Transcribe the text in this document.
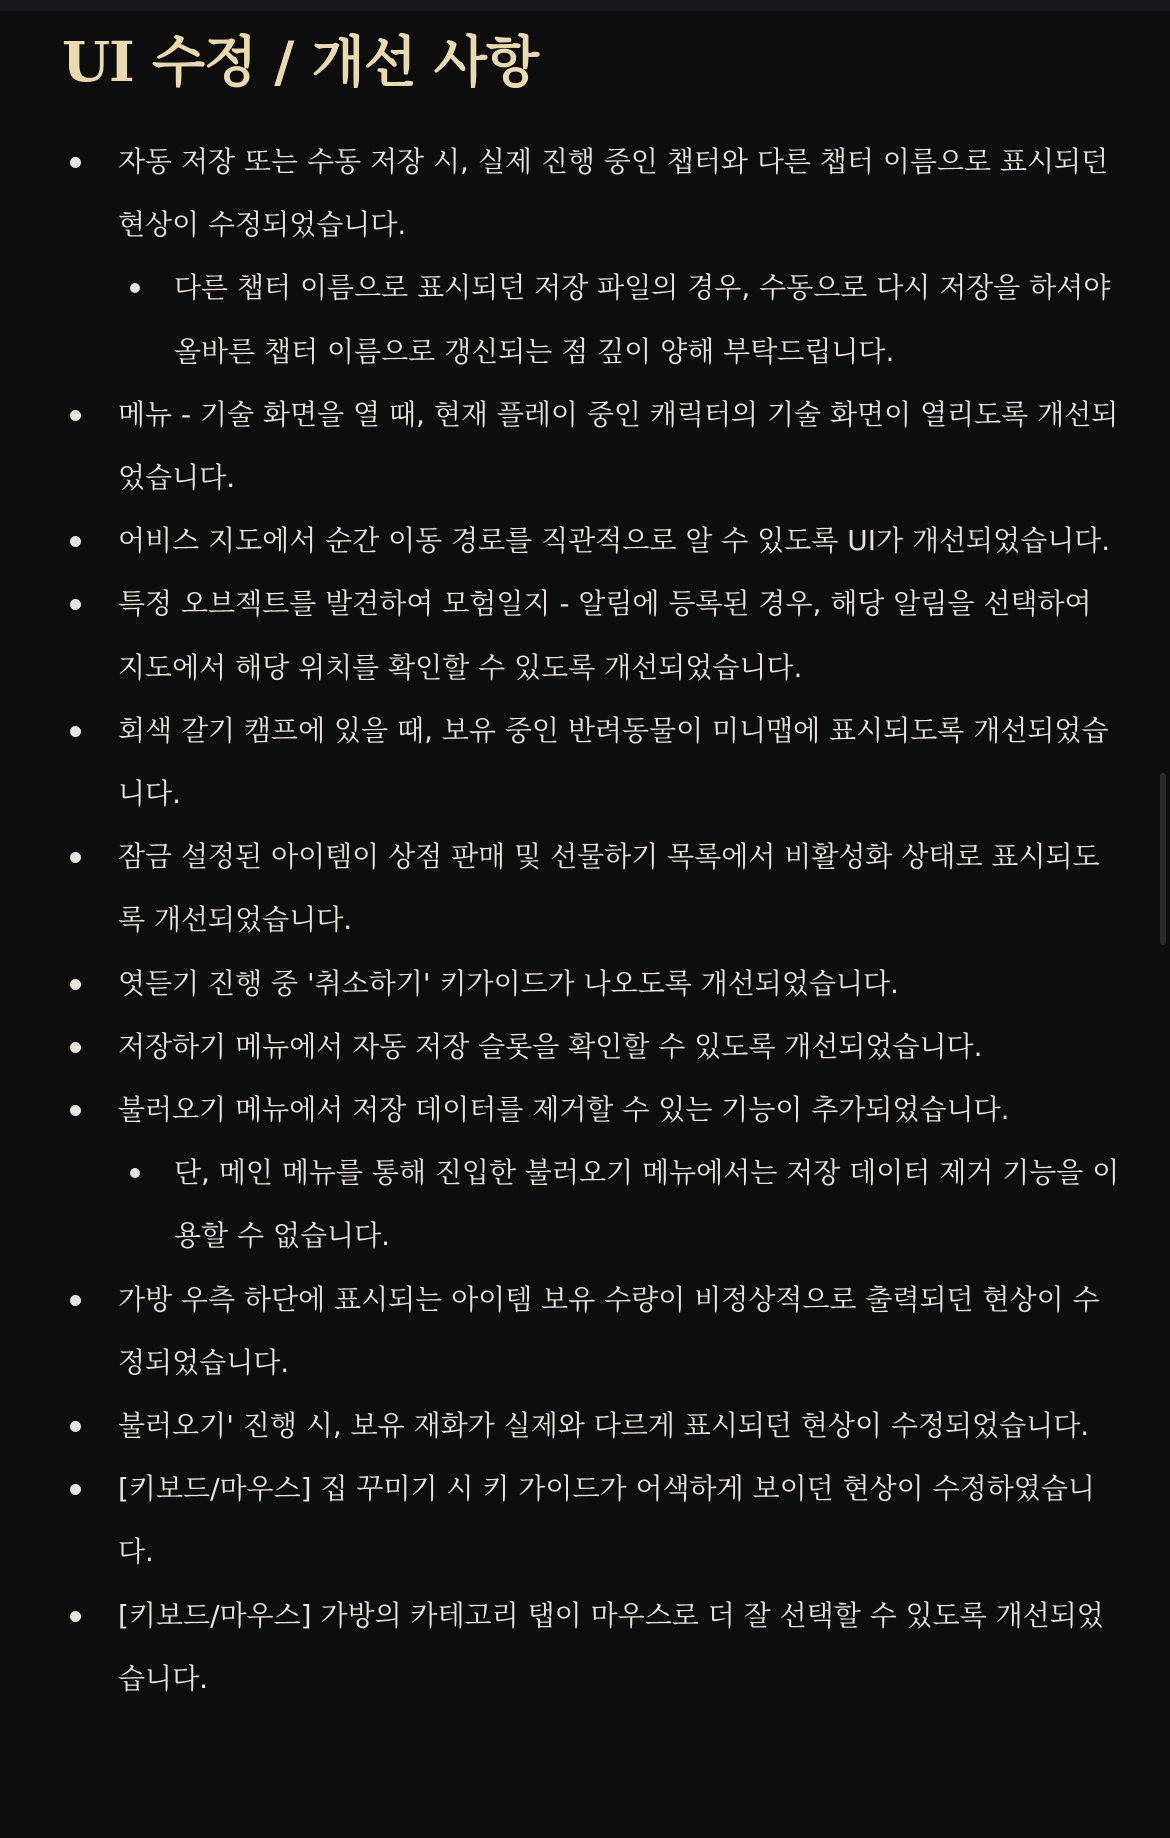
UI 수정 / 개선 사항
자동 저장 또는 수동 저장 시, 실제 진행 중인 챕터와 다른 챕터 이름으로 표시되던 현상이 수정되었습니다.
다른 챕터 이름으로 표시되던 저장 파일의 경우, 수동으로 다시 저장을 하셔야 올바른 챕터 이름으로 갱신되는 점 깊이 양해 부탁드립니다.
메뉴 - 기술 화면을 열 때, 현재 플레이 중인 캐릭터의 기술 화면이 열리도록 개선되었습니다.
어비스 지도에서 순간 이동 경로를 직관적으로 알 수 있도록 UI가 개선되었습니다.
특정 오브젝트를 발견하여 모험일지 - 알림에 등록된 경우, 해당 알림을 선택하여 지도에서 해당 위치를 확인할 수 있도록 개선되었습니다.
회색 갈기 캠프에 있을 때, 보유 중인 반려동물이 미니맵에 표시되도록 개선되었습니다.
잠금 설정된 아이템이 상점 판매 및 선물하기 목록에서 비활성화 상태로 표시되도록 개선되었습니다.
엿듣기 진행 중 '취소하기' 키가이드가 나오도록 개선되었습니다.
저장하기 메뉴에서 자동 저장 슬롯을 확인할 수 있도록 개선되었습니다.
불러오기 메뉴에서 저장 데이터를 제거할 수 있는 기능이 추가되었습니다.
단, 메인 메뉴를 통해 진입한 불러오기 메뉴에서는 저장 데이터 제거 기능을 이용할 수 없습니다.
가방 우측 하단에 표시되는 아이템 보유 수량이 비정상적으로 출력되던 현상이 수정되었습니다.
불러오기' 진행 시, 보유 재화가 실제와 다르게 표시되던 현상이 수정되었습니다.
[키보드/마우스] 집 꾸미기 시 키 가이드가 어색하게 보이던 현상이 수정하였습니다.
[키보드/마우스] 가방의 카테고리 탭이 마우스로 더 잘 선택할 수 있도록 개선되었습니다.
